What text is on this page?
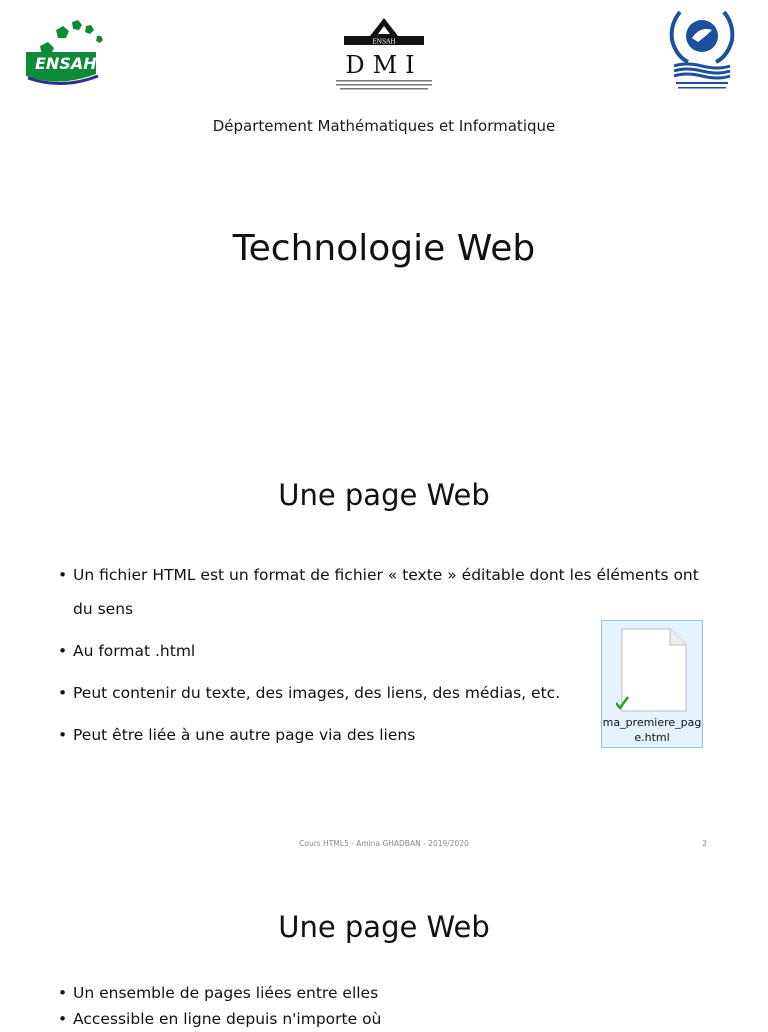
ENSAH
ENSAH
DMI
Département Mathématiques et Informatique
Technologie Web
Une page Web
• Un fichier HTML est un format de fichier « texte » éditable dont les éléments ont du sens
• Au format .html
• Peut contenir du texte, des images, des liens, des médias, etc.
• Peut être liée à une autre page via des liens
ma_premiere_page.html
Cours HTML5 - Amina GHADBAN - 2019/2020	2
Une page Web
• Un ensemble de pages liées entre elles
• Accessible en ligne depuis n'importe où
